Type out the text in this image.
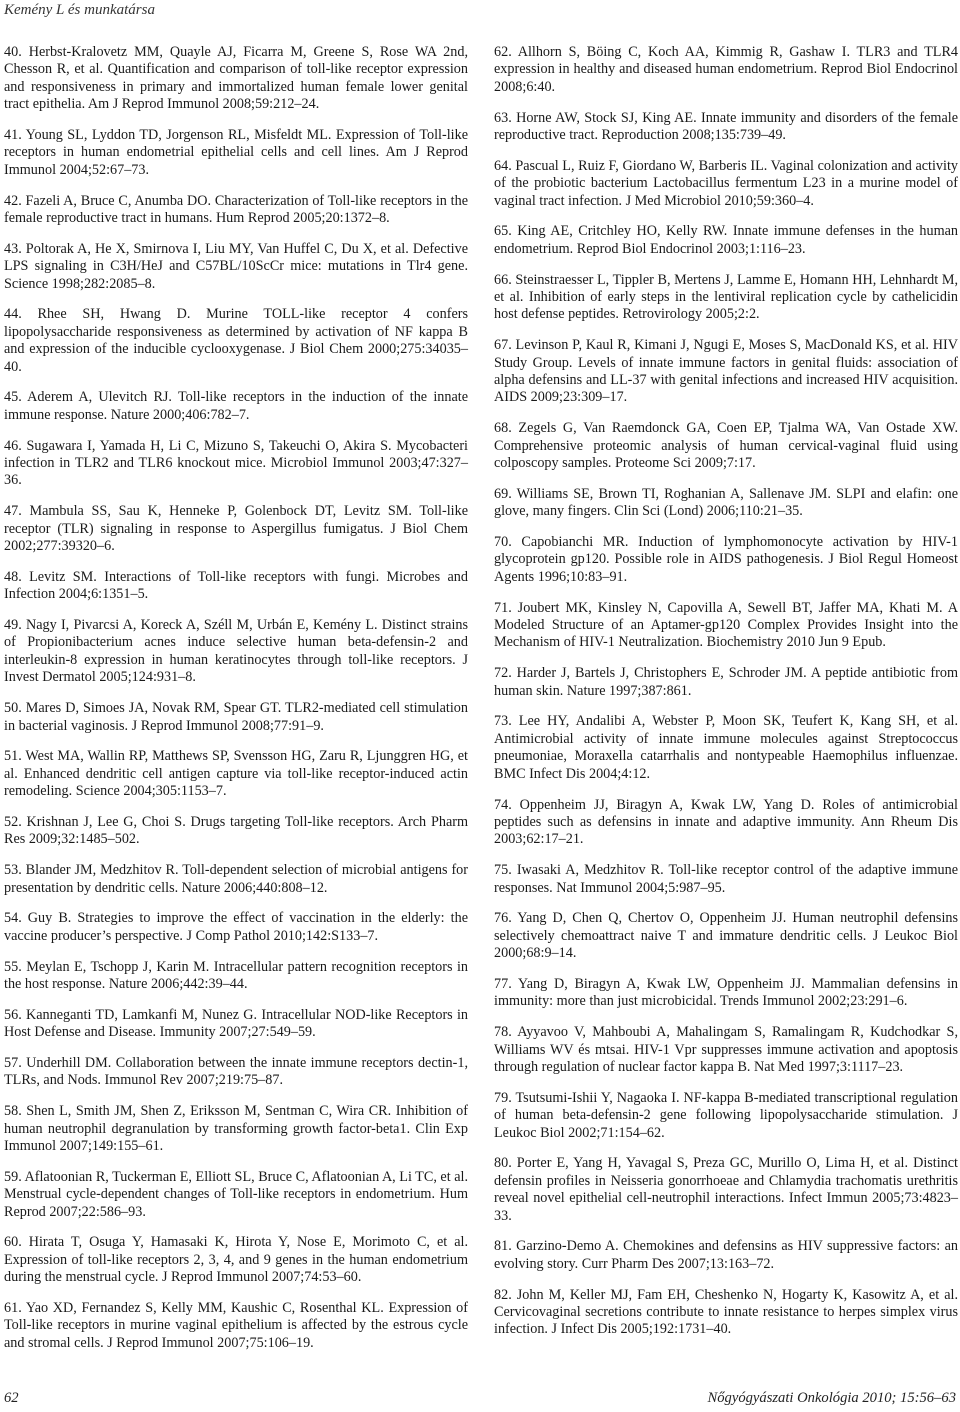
Kemény L és munkatársa

40. Herbst-Kralovetz MM, Quayle AJ, Ficarra M, Greene S, Rose WA 2nd, Chesson R, et al. Quantification and comparison of toll-like receptor expression and responsiveness in primary and immortalized human female lower genital tract epithelia. Am J Reprod Immunol 2008;59:212–24.

41. Young SL, Lyddon TD, Jorgenson RL, Misfeldt ML. Expression of Toll-like receptors in human endometrial epithelial cells and cell lines. Am J Reprod Immunol 2004;52:67–73.

42. Fazeli A, Bruce C, Anumba DO. Characterization of Toll-like receptors in the female reproductive tract in humans. Hum Reprod 2005;20:1372–8.

43. Poltorak A, He X, Smirnova I, Liu MY, Van Huffel C, Du X, et al. Defective LPS signaling in C3H/HeJ and C57BL/10ScCr mice: mutations in Tlr4 gene. Science 1998;282:2085–8.

44. Rhee SH, Hwang D. Murine TOLL-like receptor 4 confers lipopolysaccharide responsiveness as determined by activation of NF kappa B and expression of the inducible cyclooxygenase. J Biol Chem 2000;275:34035–40.

45. Aderem A, Ulevitch RJ. Toll-like receptors in the induction of the innate immune response. Nature 2000;406:782–7.

46. Sugawara I, Yamada H, Li C, Mizuno S, Takeuchi O, Akira S. Mycobacteri infection in TLR2 and TLR6 knockout mice. Microbiol Immunol 2003;47:327–36.

47. Mambula SS, Sau K, Henneke P, Golenbock DT, Levitz SM. Toll-like receptor (TLR) signaling in response to Aspergillus fumigatus. J Biol Chem 2002;277:39320–6.

48. Levitz SM. Interactions of Toll-like receptors with fungi. Microbes and Infection 2004;6:1351–5.

49. Nagy I, Pivarcsi A, Koreck A, Széll M, Urbán E, Kemény L. Distinct strains of Propionibacterium acnes induce selective human beta-defensin-2 and interleukin-8 expression in human keratinocytes through toll-like receptors. J Invest Dermatol 2005;124:931–8.

50. Mares D, Simoes JA, Novak RM, Spear GT. TLR2-mediated cell stimulation in bacterial vaginosis. J Reprod Immunol 2008;77:91–9.

51. West MA, Wallin RP, Matthews SP, Svensson HG, Zaru R, Ljunggren HG, et al. Enhanced dendritic cell antigen capture via toll-like receptor-induced actin remodeling. Science 2004;305:1153–7.

52. Krishnan J, Lee G, Choi S. Drugs targeting Toll-like receptors. Arch Pharm Res 2009;32:1485–502.

53. Blander JM, Medzhitov R. Toll-dependent selection of microbial antigens for presentation by dendritic cells. Nature 2006;440:808–12.

54. Guy B. Strategies to improve the effect of vaccination in the elderly: the vaccine producer’s perspective. J Comp Pathol 2010;142:S133–7.

55. Meylan E, Tschopp J, Karin M. Intracellular pattern recognition receptors in the host response. Nature 2006;442:39–44.

56. Kanneganti TD, Lamkanfi M, Nunez G. Intracellular NOD-like Receptors in Host Defense and Disease. Immunity 2007;27:549–59.

57. Underhill DM. Collaboration between the innate immune receptors dectin-1, TLRs, and Nods. Immunol Rev 2007;219:75–87.

58. Shen L, Smith JM, Shen Z, Eriksson M, Sentman C, Wira CR. Inhibition of human neutrophil degranulation by transforming growth factor-beta1. Clin Exp Immunol 2007;149:155–61.

59. Aflatoonian R, Tuckerman E, Elliott SL, Bruce C, Aflatoonian A, Li TC, et al. Menstrual cycle-dependent changes of Toll-like receptors in endometrium. Hum Reprod 2007;22:586–93.

60. Hirata T, Osuga Y, Hamasaki K, Hirota Y, Nose E, Morimoto C, et al. Expression of toll-like receptors 2, 3, 4, and 9 genes in the human endometrium during the menstrual cycle. J Reprod Immunol 2007;74:53–60.

61. Yao XD, Fernandez S, Kelly MM, Kaushic C, Rosenthal KL. Expression of Toll-like receptors in murine vaginal epithelium is affected by the estrous cycle and stromal cells. J Reprod Immunol 2007;75:106–19.

62. Allhorn S, Böing C, Koch AA, Kimmig R, Gashaw I. TLR3 and TLR4 expression in healthy and diseased human endometrium. Reprod Biol Endocrinol 2008;6:40.

63. Horne AW, Stock SJ, King AE. Innate immunity and disorders of the female reproductive tract. Reproduction 2008;135:739–49.

64. Pascual L, Ruiz F, Giordano W, Barberis IL. Vaginal colonization and activity of the probiotic bacterium Lactobacillus fermentum L23 in a murine model of vaginal tract infection. J Med Microbiol 2010;59:360–4.

65. King AE, Critchley HO, Kelly RW. Innate immune defenses in the human endometrium. Reprod Biol Endocrinol 2003;1:116–23.

66. Steinstraesser L, Tippler B, Mertens J, Lamme E, Homann HH, Lehnhardt M, et al. Inhibition of early steps in the lentiviral replication cycle by cathelicidin host defense peptides. Retrovirology 2005;2:2.

67. Levinson P, Kaul R, Kimani J, Ngugi E, Moses S, MacDonald KS, et al. HIV Study Group. Levels of innate immune factors in genital fluids: association of alpha defensins and LL-37 with genital infections and increased HIV acquisition. AIDS 2009;23:309–17.

68. Zegels G, Van Raemdonck GA, Coen EP, Tjalma WA, Van Ostade XW. Comprehensive proteomic analysis of human cervical-vaginal fluid using colposcopy samples. Proteome Sci 2009;7:17.

69. Williams SE, Brown TI, Roghanian A, Sallenave JM. SLPI and elafin: one glove, many fingers. Clin Sci (Lond) 2006;110:21–35.

70. Capobianchi MR. Induction of lymphomonocyte activation by HIV-1 glycoprotein gp120. Possible role in AIDS pathogenesis. J Biol Regul Homeost Agents 1996;10:83–91.

71. Joubert MK, Kinsley N, Capovilla A, Sewell BT, Jaffer MA, Khati M. A Modeled Structure of an Aptamer-gp120 Complex Provides Insight into the Mechanism of HIV-1 Neutralization. Biochemistry 2010 Jun 9 Epub.

72. Harder J, Bartels J, Christophers E, Schroder JM. A peptide antibiotic from human skin. Nature 1997;387:861.

73. Lee HY, Andalibi A, Webster P, Moon SK, Teufert K, Kang SH, et al. Antimicrobial activity of innate immune molecules against Streptococcus pneumoniae, Moraxella catarrhalis and nontypeable Haemophilus influenzae. BMC Infect Dis 2004;4:12.

74. Oppenheim JJ, Biragyn A, Kwak LW, Yang D. Roles of antimicrobial peptides such as defensins in innate and adaptive immunity. Ann Rheum Dis 2003;62:17–21.

75. Iwasaki A, Medzhitov R. Toll-like receptor control of the adaptive immune responses. Nat Immunol 2004;5:987–95.

76. Yang D, Chen Q, Chertov O, Oppenheim JJ. Human neutrophil defensins selectively chemoattract naive T and immature dendritic cells. J Leukoc Biol 2000;68:9–14.

77. Yang D, Biragyn A, Kwak LW, Oppenheim JJ. Mammalian defensins in immunity: more than just microbicidal. Trends Immunol 2002;23:291–6.

78. Ayyavoo V, Mahboubi A, Mahalingam S, Ramalingam R, Kudchodkar S, Williams WV és mtsai. HIV-1 Vpr suppresses immune activation and apoptosis through regulation of nuclear factor kappa B. Nat Med 1997;3:1117–23.

79. Tsutsumi-Ishii Y, Nagaoka I. NF-kappa B-mediated transcriptional regulation of human beta-defensin-2 gene following lipopolysaccharide stimulation. J Leukoc Biol 2002;71:154–62.

80. Porter E, Yang H, Yavagal S, Preza GC, Murillo O, Lima H, et al. Distinct defensin profiles in Neisseria gonorrhoeae and Chlamydia trachomatis urethritis reveal novel epithelial cell-neutrophil interactions. Infect Immun 2005;73:4823–33.

81. Garzino-Demo A. Chemokines and defensins as HIV suppressive factors: an evolving story. Curr Pharm Des 2007;13:163–72.

82. John M, Keller MJ, Fam EH, Cheshenko N, Hogarty K, Kasowitz A, et al. Cervicovaginal secretions contribute to innate resistance to herpes simplex virus infection. J Infect Dis 2005;192:1731–40.

62	Nőgyógyászati Onkológia 2010; 15:56–63
